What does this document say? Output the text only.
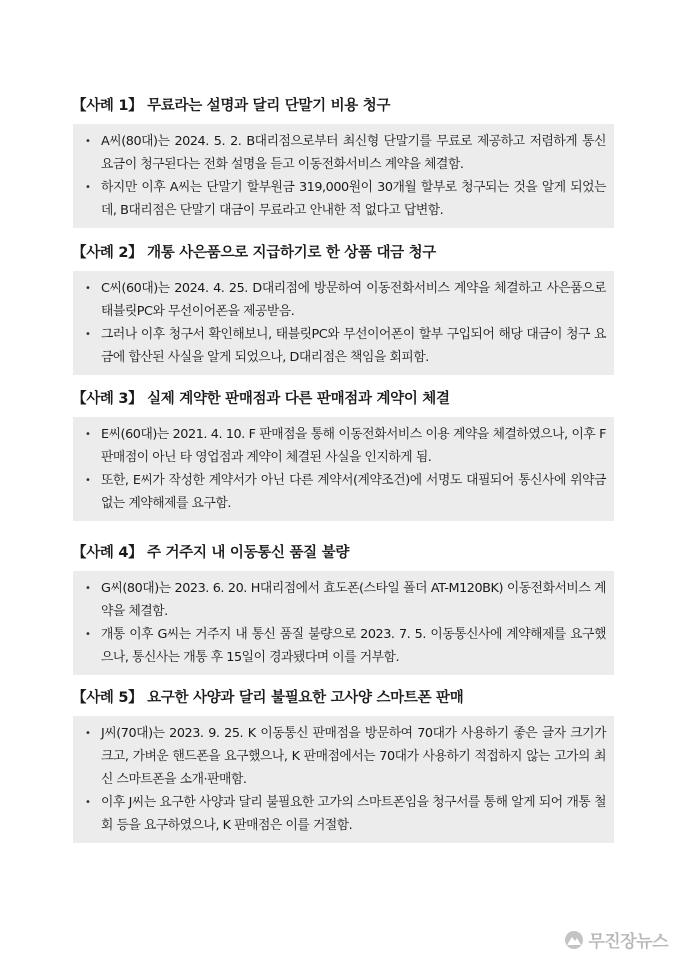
【사례 1】 무료라는 설명과 달리 단말기 비용 청구
• A씨(80대)는 2024. 5. 2. B대리점으로부터 최신형 단말기를 무료로 제공하고 저렴하게 통신 요금이 청구된다는 전화 설명을 듣고 이동전화서비스 계약을 체결함.
• 하지만 이후 A씨는 단말기 할부원금 319,000원이 30개월 할부로 청구되는 것을 알게 되었는데, B대리점은 단말기 대금이 무료라고 안내한 적 없다고 답변함.
【사례 2】 개통 사은품으로 지급하기로 한 상품 대금 청구
• C씨(60대)는 2024. 4. 25. D대리점에 방문하여 이동전화서비스 계약을 체결하고 사은품으로 태블릿PC와 무선이어폰을 제공받음.
• 그러나 이후 청구서 확인해보니, 태블릿PC와 무선이어폰이 할부 구입되어 해당 대금이 청구 요금에 합산된 사실을 알게 되었으나, D대리점은 책임을 회피함.
【사례 3】 실제 계약한 판매점과 다른 판매점과 계약이 체결
• E씨(60대)는 2021. 4. 10. F 판매점을 통해 이동전화서비스 이용 계약을 체결하였으나, 이후 F 판매점이 아닌 타 영업점과 계약이 체결된 사실을 인지하게 됨.
• 또한, E씨가 작성한 계약서가 아닌 다른 계약서(계약조건)에 서명도 대필되어 통신사에 위약금 없는 계약해제를 요구함.
【사례 4】 주 거주지 내 이동통신 품질 불량
• G씨(80대)는 2023. 6. 20. H대리점에서 효도폰(스타일 폴더 AT-M120BK) 이동전화서비스 계약을 체결함.
• 개통 이후 G씨는 거주지 내 통신 품질 불량으로 2023. 7. 5. 이동통신사에 계약해제를 요구했으나, 통신사는 개통 후 15일이 경과됐다며 이를 거부함.
【사례 5】 요구한 사양과 달리 불필요한 고사양 스마트폰 판매
• J씨(70대)는 2023. 9. 25. K 이동통신 판매점을 방문하여 70대가 사용하기 좋은 글자 크기가 크고, 가벼운 핸드폰을 요구했으나, K 판매점에서는 70대가 사용하기 적접하지 않는 고가의 최신 스마트폰을 소개·판매함.
• 이후 J씨는 요구한 사양과 달리 불필요한 고가의 스마트폰임을 청구서를 통해 알게 되어 개통 철회 등을 요구하였으나, K 판매점은 이를 거절함.
무진장뉴스
